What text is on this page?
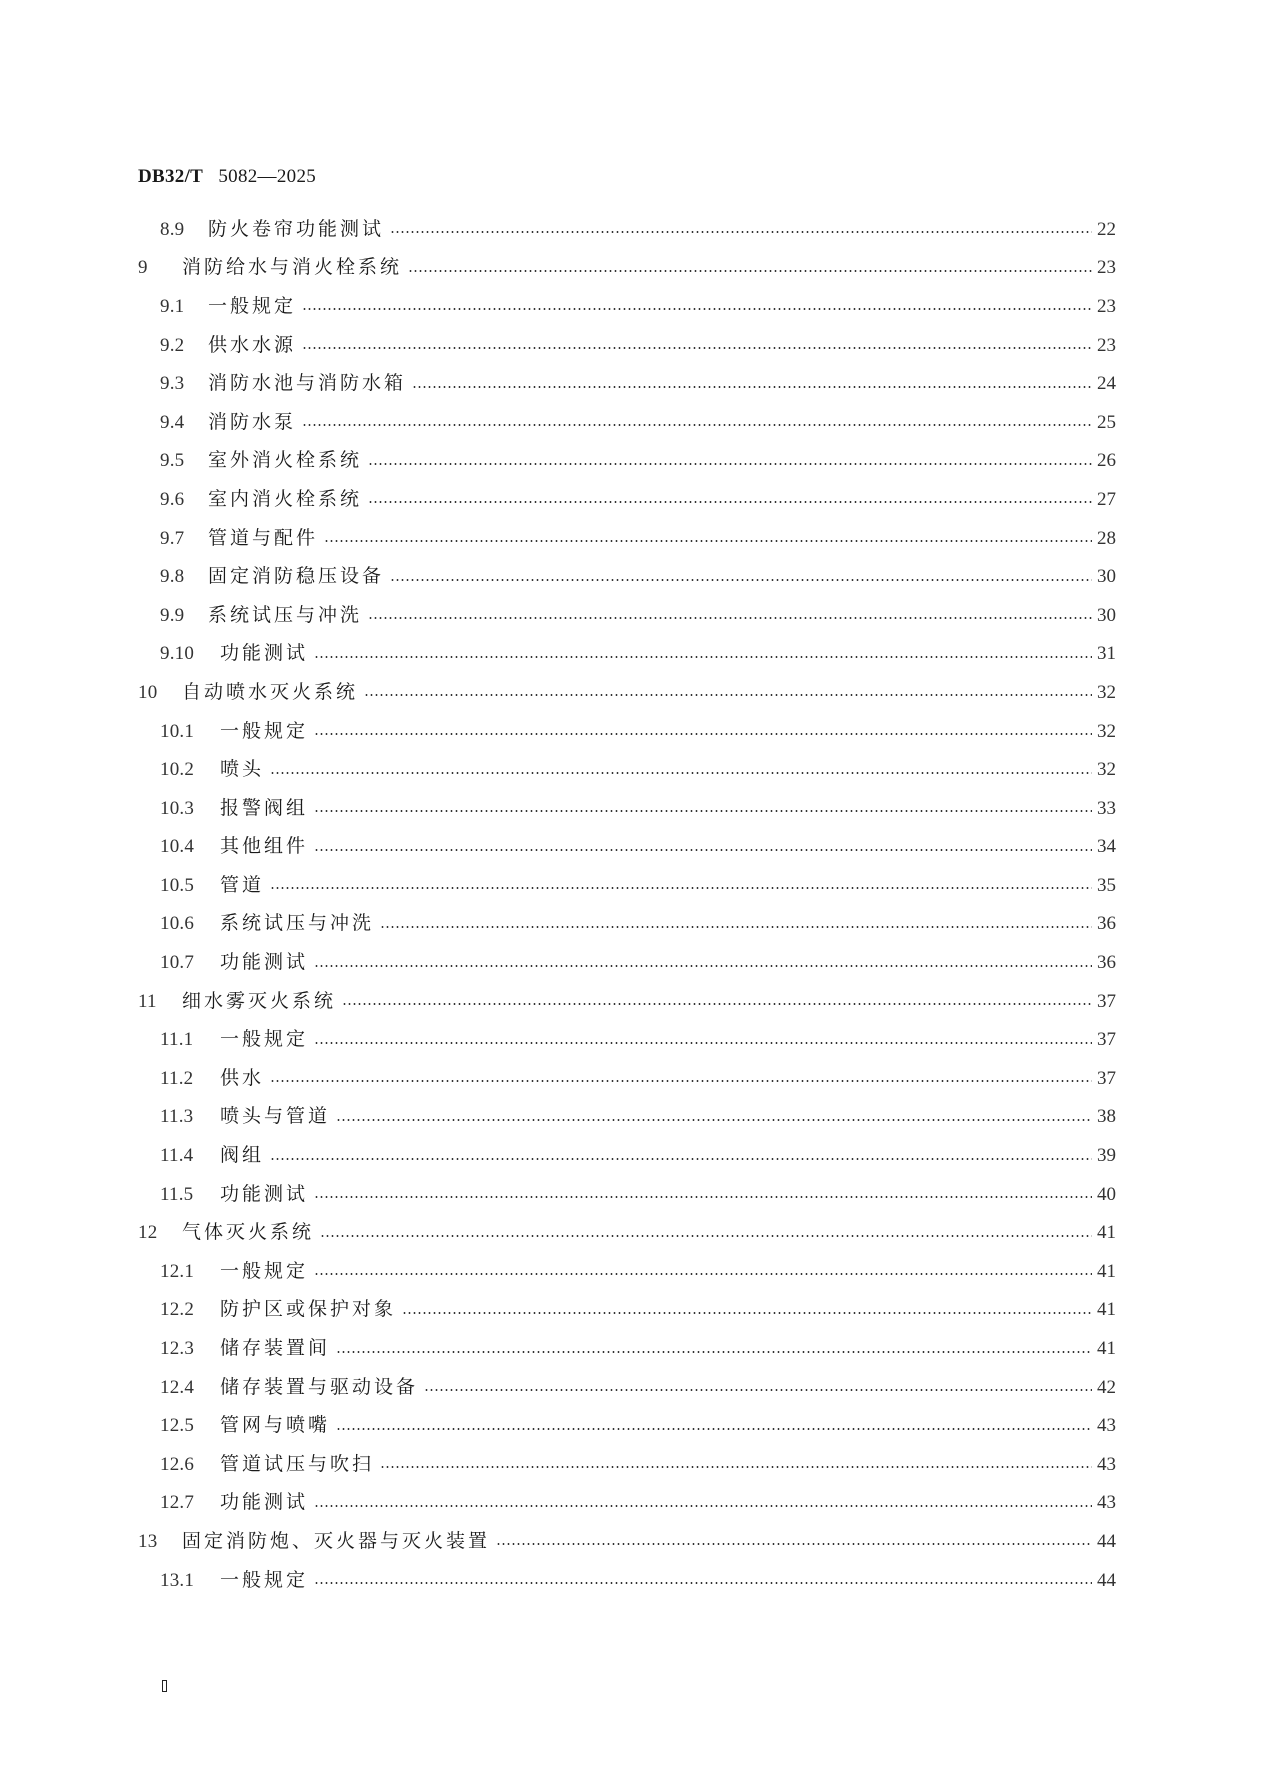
DB32/T 5082—2025
8.9	防火卷帘功能测试	22
9	消防给水与消火栓系统	23
9.1	一般规定	23
9.2	供水水源	23
9.3	消防水池与消防水箱	24
9.4	消防水泵	25
9.5	室外消火栓系统	26
9.6	室内消火栓系统	27
9.7	管道与配件	28
9.8	固定消防稳压设备	30
9.9	系统试压与冲洗	30
9.10	功能测试	31
10	自动喷水灭火系统	32
10.1	一般规定	32
10.2	喷头	32
10.3	报警阀组	33
10.4	其他组件	34
10.5	管道	35
10.6	系统试压与冲洗	36
10.7	功能测试	36
11	细水雾灭火系统	37
11.1	一般规定	37
11.2	供水	37
11.3	喷头与管道	38
11.4	阀组	39
11.5	功能测试	40
12	气体灭火系统	41
12.1	一般规定	41
12.2	防护区或保护对象	41
12.3	储存装置间	41
12.4	储存装置与驱动设备	42
12.5	管网与喷嘴	43
12.6	管道试压与吹扫	43
12.7	功能测试	43
13	固定消防炮、灭火器与灭火装置	44
13.1	一般规定	44
